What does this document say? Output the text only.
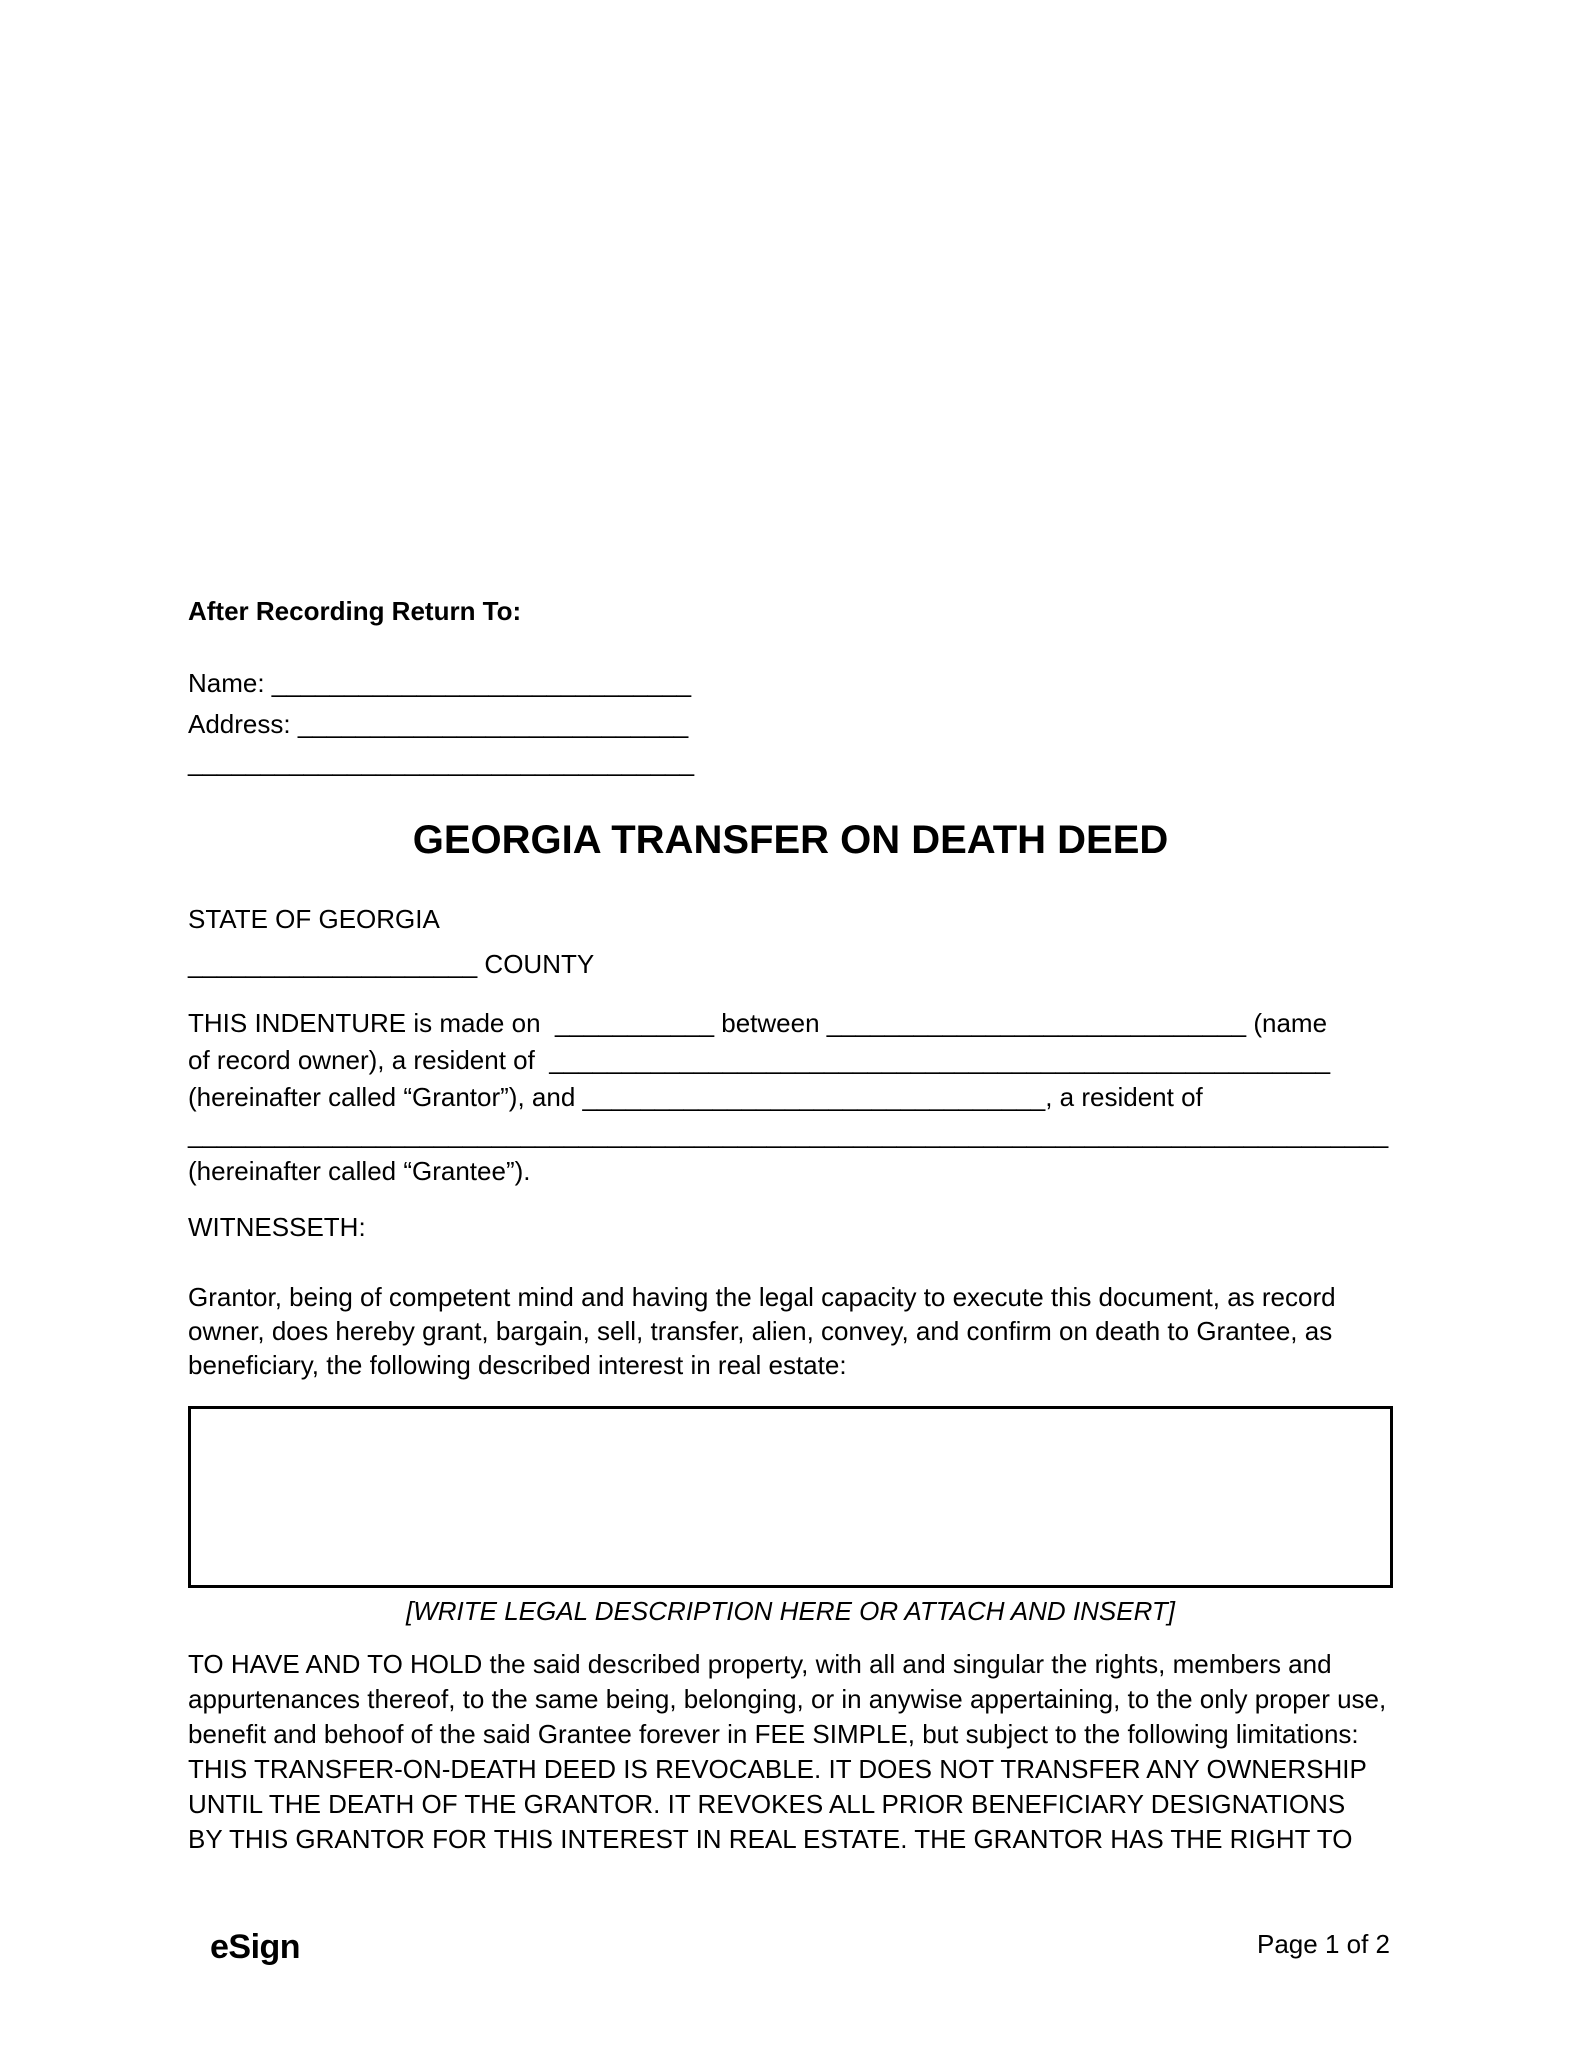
After Recording Return To:
Name: _____________________________
Address: ___________________________
___________________________________
GEORGIA TRANSFER ON DEATH DEED
STATE OF GEORGIA
____________________ COUNTY
THIS INDENTURE is made on  ___________ between _____________________________ (name
of record owner), a resident of  ______________________________________________________
(hereinafter called “Grantor”), and ________________________________, a resident of
___________________________________________________________________________________
(hereinafter called “Grantee”).
WITNESSETH:
Grantor, being of competent mind and having the legal capacity to execute this document, as record
owner, does hereby grant, bargain, sell, transfer, alien, convey, and confirm on death to Grantee, as
beneficiary, the following described interest in real estate:
[WRITE LEGAL DESCRIPTION HERE OR ATTACH AND INSERT]
TO HAVE AND TO HOLD the said described property, with all and singular the rights, members and
appurtenances thereof, to the same being, belonging, or in anywise appertaining, to the only proper use,
benefit and behoof of the said Grantee forever in FEE SIMPLE, but subject to the following limitations:
THIS TRANSFER-ON-DEATH DEED IS REVOCABLE. IT DOES NOT TRANSFER ANY OWNERSHIP
UNTIL THE DEATH OF THE GRANTOR. IT REVOKES ALL PRIOR BENEFICIARY DESIGNATIONS
BY THIS GRANTOR FOR THIS INTEREST IN REAL ESTATE. THE GRANTOR HAS THE RIGHT TO
eSign	Page 1 of 2
